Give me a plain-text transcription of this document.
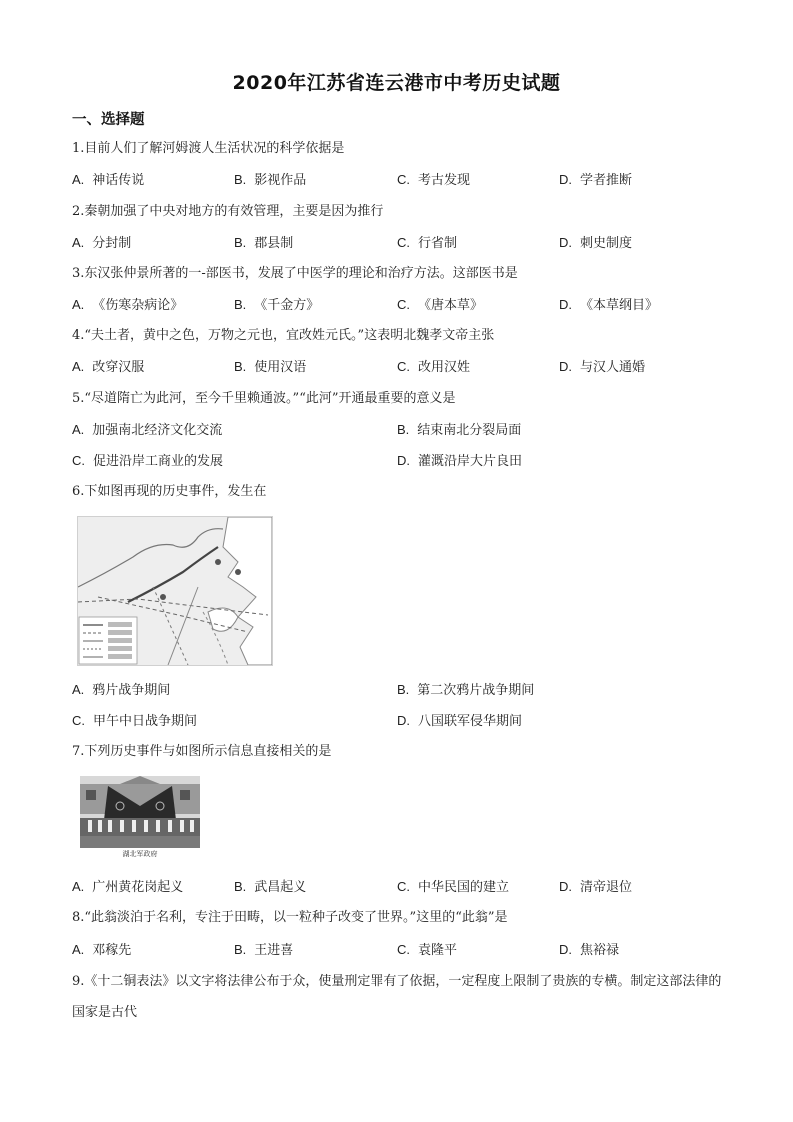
2020年江苏省连云港市中考历史试题
一、选择题
1.目前人们了解河姆渡人生活状况的科学依据是
A. 神话传说	B. 影视作品	C. 考古发现	D. 学者推断
2.秦朝加强了中央对地方的有效管理，主要是因为推行
A. 分封制	B. 郡县制	C. 行省制	D. 刺史制度
3.东汉张仲景所著的一-部医书，发展了中医学的理论和治疗方法。这部医书是
A. 《伤寒杂病论》	B. 《千金方》	C. 《唐本草》	D. 《本草纲目》
4.“夫土者，黄中之色，万物之元也，宜改姓元氏。”这表明北魏孝文帝主张
A. 改穿汉服	B. 使用汉语	C. 改用汉姓	D. 与汉人通婚
5.“尽道隋亡为此河，至今千里赖通波。”“此河”开通最重要的意义是
A. 加强南北经济文化交流	B. 结束南北分裂局面
C. 促进沿岸工商业的发展	D. 灌溉沿岸大片良田
6.下如图再现的历史事件，发生在
A. 鸦片战争期间	B. 第二次鸦片战争期间
C. 甲午中日战争期间	D. 八国联军侵华期间
7.下列历史事件与如图所示信息直接相关的是
湖北军政府
A. 广州黄花岗起义	B. 武昌起义	C. 中华民国的建立	D. 清帝退位
8.“此翁淡泊于名利，专注于田畴，以一粒种子改变了世界。”这里的“此翁”是
A. 邓稼先	B. 王进喜	C. 袁隆平	D. 焦裕禄
9.《十二铜表法》以文字将法律公布于众，使量刑定罪有了依据，一定程度上限制了贵族的专横。制定这部法律的国家是古代
